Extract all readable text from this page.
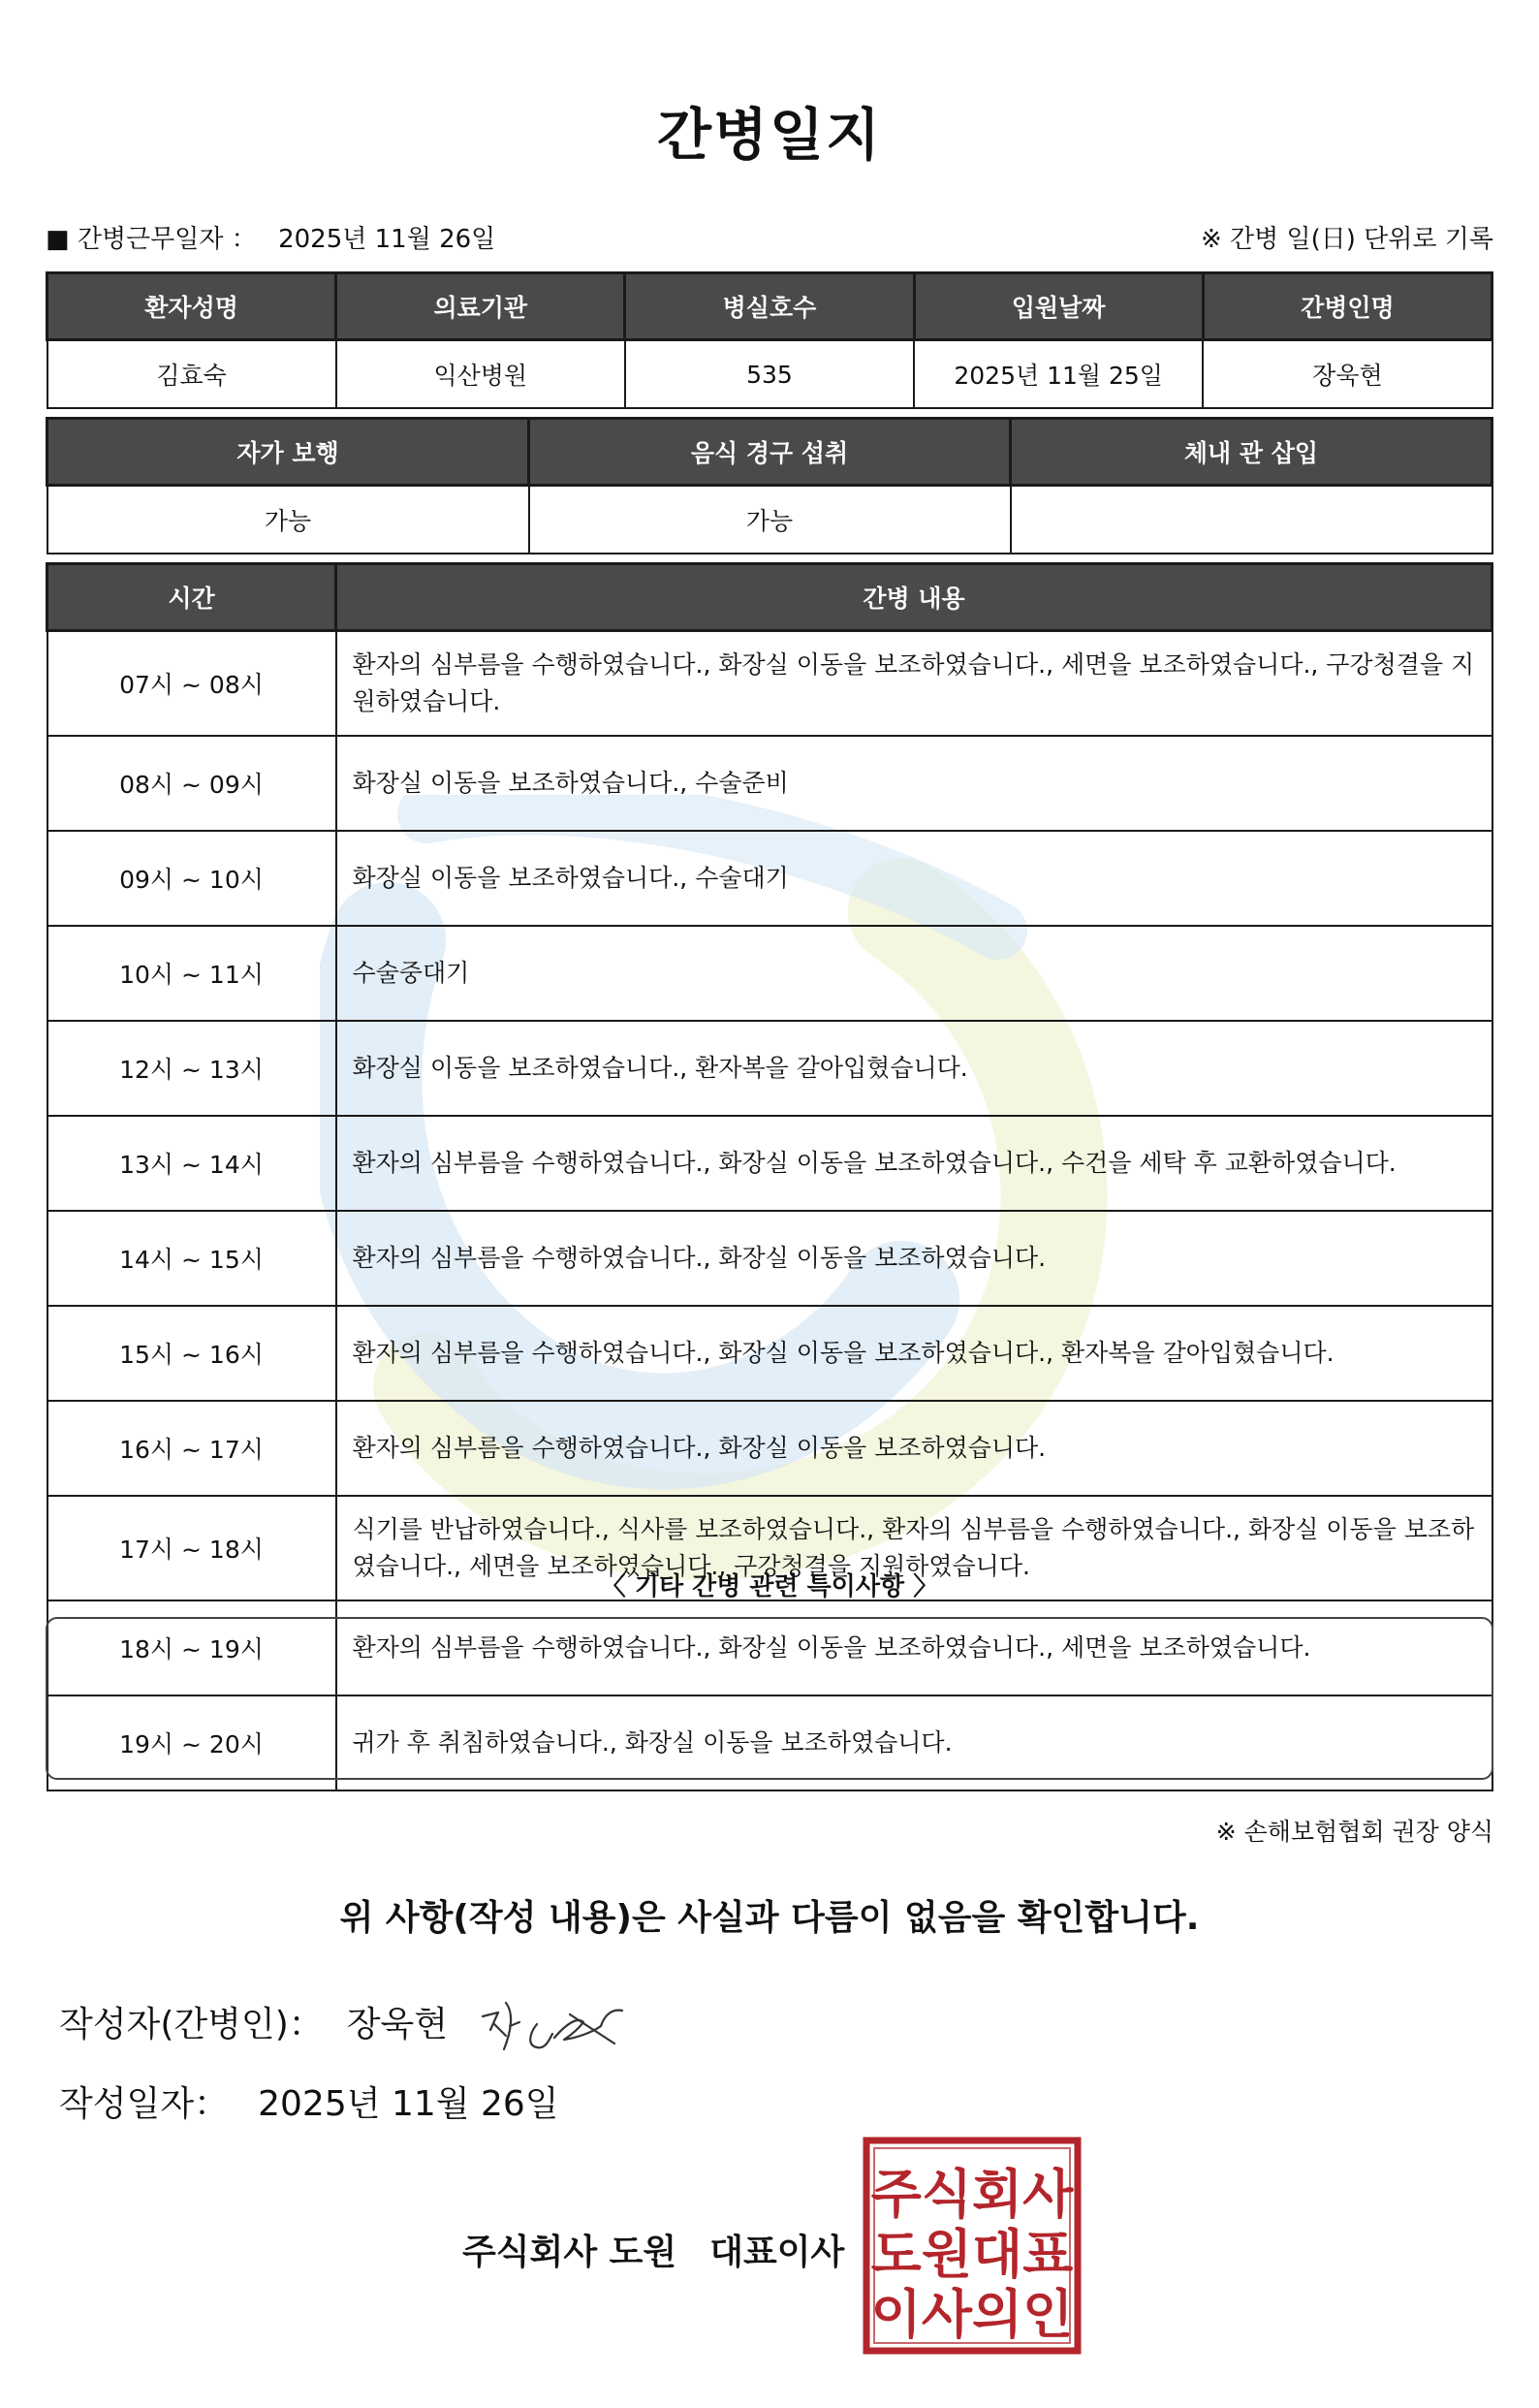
간병일지
■ 간병근무일자 ： 2025년 11월 26일	※ 간병 일(日) 단위로 기록
환자성명	의료기관	병실호수	입원날짜	간병인명
김효숙	익산병원	535	2025년 11월 25일	장욱현
자가 보행	음식 경구 섭취	체내 관 삽입
가능	가능	
시간	간병 내용
07시 ~ 08시	환자의 심부름을 수행하였습니다., 화장실 이동을 보조하였습니다., 세면을 보조하였습니다., 구강청결을 지원하였습니다.
08시 ~ 09시	화장실 이동을 보조하였습니다., 수술준비
09시 ~ 10시	화장실 이동을 보조하였습니다., 수술대기
10시 ~ 11시	수술중대기
12시 ~ 13시	화장실 이동을 보조하였습니다., 환자복을 갈아입혔습니다.
13시 ~ 14시	환자의 심부름을 수행하였습니다., 화장실 이동을 보조하였습니다., 수건을 세탁 후 교환하였습니다.
14시 ~ 15시	환자의 심부름을 수행하였습니다., 화장실 이동을 보조하였습니다.
15시 ~ 16시	환자의 심부름을 수행하였습니다., 화장실 이동을 보조하였습니다., 환자복을 갈아입혔습니다.
16시 ~ 17시	환자의 심부름을 수행하였습니다., 화장실 이동을 보조하였습니다.
17시 ~ 18시	식기를 반납하였습니다., 식사를 보조하였습니다., 환자의 심부름을 수행하였습니다., 화장실 이동을 보조하였습니다., 세면을 보조하였습니다., 구강청결을 지원하였습니다.
18시 ~ 19시	환자의 심부름을 수행하였습니다., 화장실 이동을 보조하였습니다., 세면을 보조하였습니다.
19시 ~ 20시	귀가 후 취침하였습니다., 화장실 이동을 보조하였습니다.
〈 기타 간병 관련 특이사항 〉
※ 손해보험협회 권장 양식
위 사항(작성 내용)은 사실과 다름이 없음을 확인합니다.
작성자(간병인)： 장욱현
작성일자： 2025년 11월 26일
주식회사 도원 대표이사
주식회사
도원대표
이사의인
